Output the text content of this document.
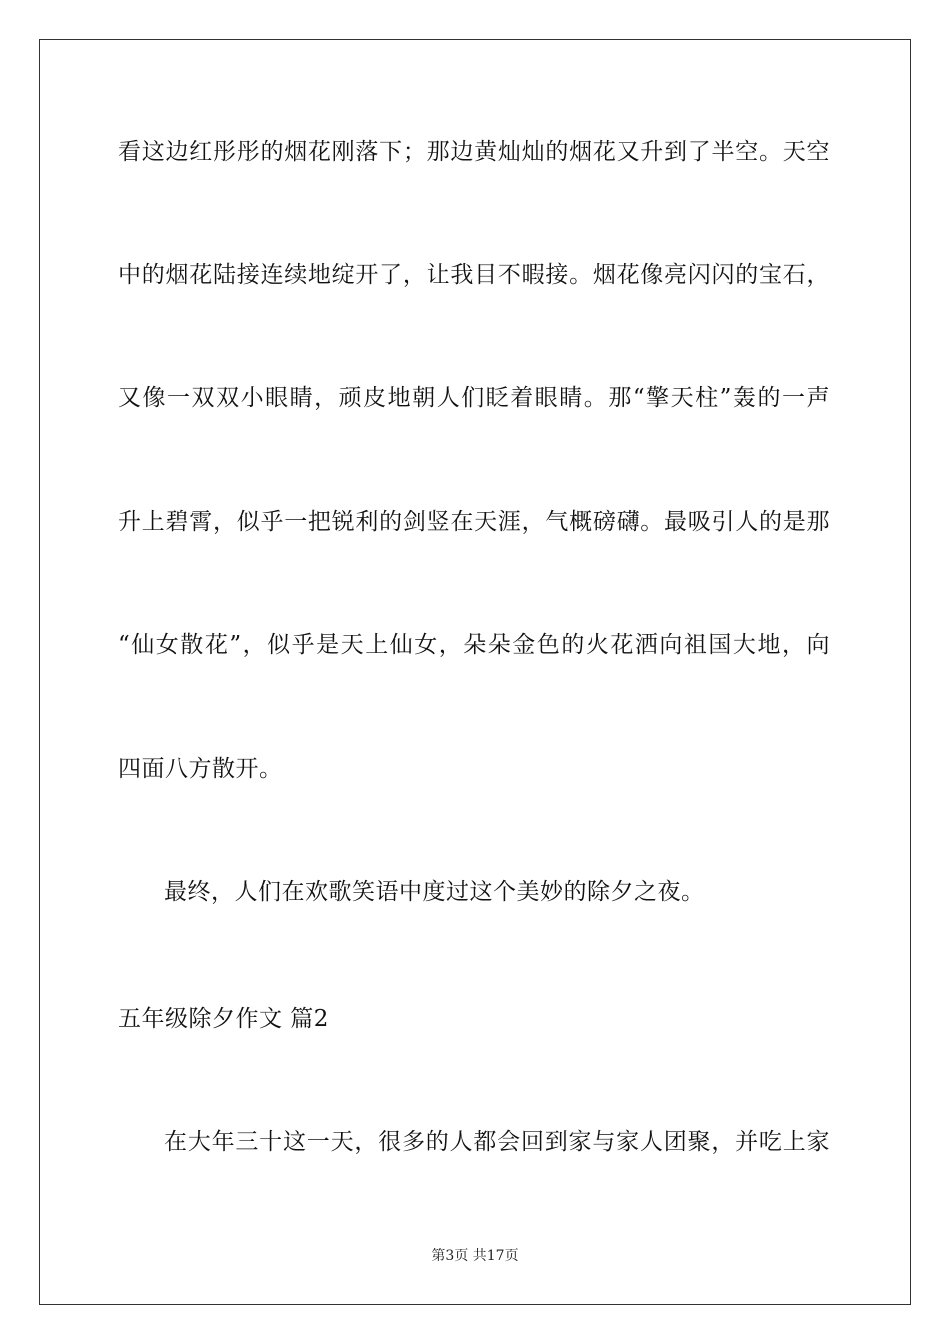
看这边红彤彤的烟花刚落下；那边黄灿灿的烟花又升到了半空。天空
中的烟花陆接连续地绽开了，让我目不暇接。烟花像亮闪闪的宝石，
又像一双双小眼睛，顽皮地朝人们眨着眼睛。那“擎天柱”轰的一声
升上碧霄，似乎一把锐利的剑竖在天涯，气概磅礴。最吸引人的是那
“仙女散花”，似乎是天上仙女，朵朵金色的火花洒向祖国大地，向
四面八方散开。
最终，人们在欢歌笑语中度过这个美妙的除夕之夜。
五年级除夕作文 篇2
在大年三十这一天，很多的人都会回到家与家人团聚，并吃上家
第3页 共17页
